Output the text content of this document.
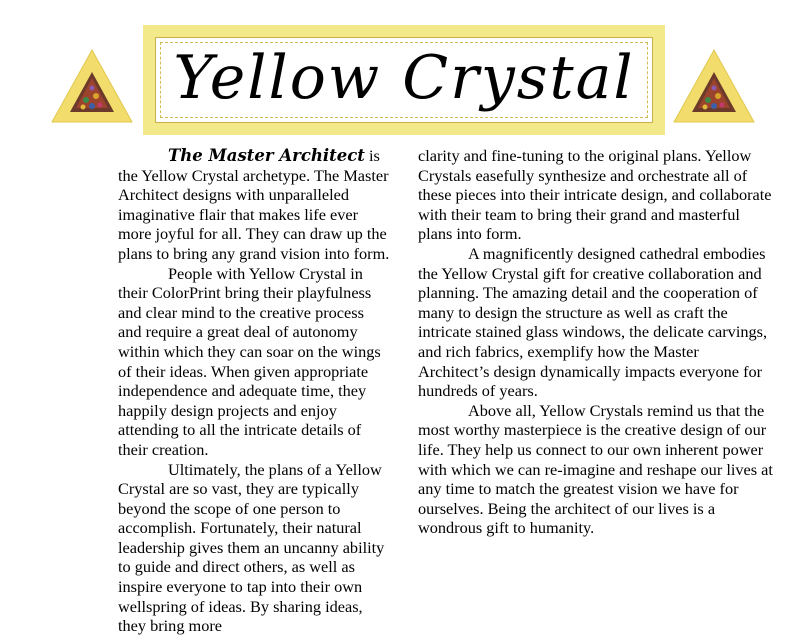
Yellow Crystal

The Master Architect is the Yellow Crystal archetype. The Master Architect designs with unparalleled imaginative flair that makes life ever more joyful for all. They can draw up the plans to bring any grand vision into form.

People with Yellow Crystal in their ColorPrint bring their playfulness and clear mind to the creative process and require a great deal of autonomy within which they can soar on the wings of their ideas. When given appropriate independence and adequate time, they happily design projects and enjoy attending to all the intricate details of their creation.

Ultimately, the plans of a Yellow Crystal are so vast, they are typically beyond the scope of one person to accomplish. Fortunately, their natural leadership gives them an uncanny ability to guide and direct others, as well as inspire everyone to tap into their own wellspring of ideas. By sharing ideas, they bring more

clarity and fine-tuning to the original plans. Yellow Crystals easefully synthesize and orchestrate all of these pieces into their intricate design, and collaborate with their team to bring their grand and masterful plans into form.

A magnificently designed cathedral embodies the Yellow Crystal gift for creative collaboration and planning. The amazing detail and the cooperation of many to design the structure as well as craft the intricate stained glass windows, the delicate carvings, and rich fabrics, exemplify how the Master Architect’s design dynamically impacts everyone for hundreds of years.

Above all, Yellow Crystals remind us that the most worthy masterpiece is the creative design of our life. They help us connect to our own inherent power with which we can re-imagine and reshape our lives at any time to match the greatest vision we have for ourselves. Being the architect of our lives is a wondrous gift to humanity.
